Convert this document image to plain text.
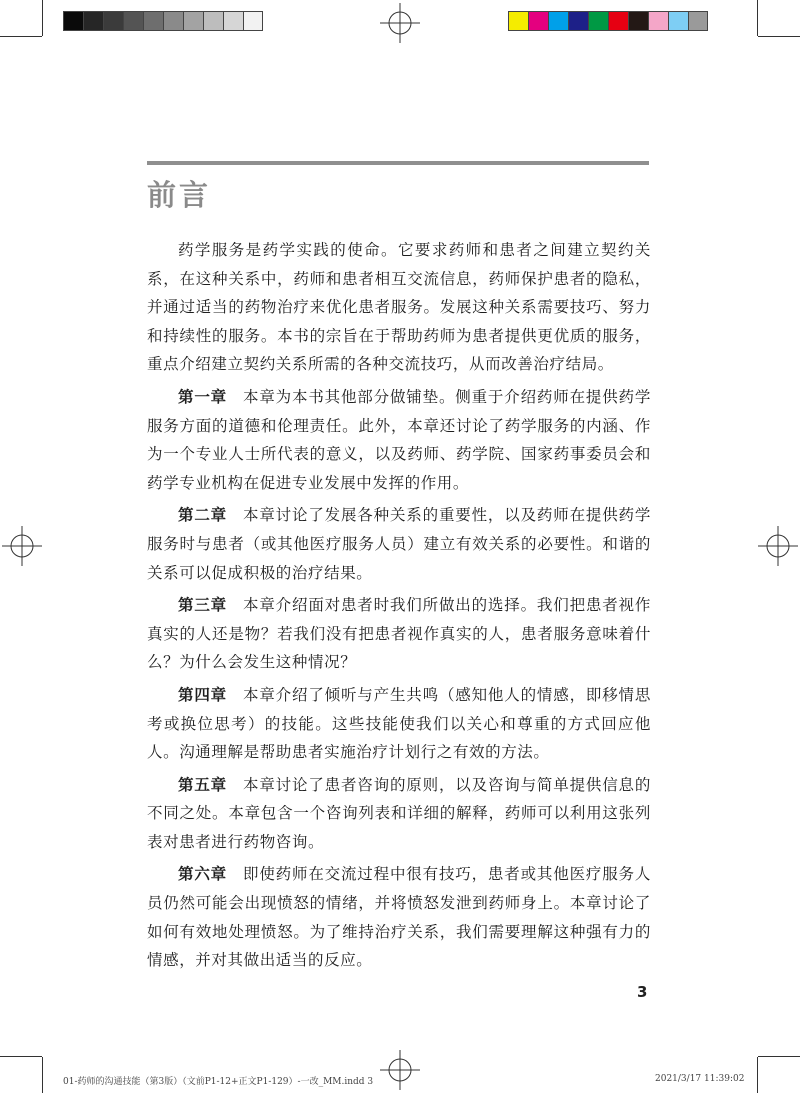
前言

药学服务是药学实践的使命。它要求药师和患者之间建立契约关系，在这种关系中，药师和患者相互交流信息，药师保护患者的隐私，并通过适当的药物治疗来优化患者服务。发展这种关系需要技巧、努力和持续性的服务。本书的宗旨在于帮助药师为患者提供更优质的服务，重点介绍建立契约关系所需的各种交流技巧，从而改善治疗结局。

第一章 本章为本书其他部分做铺垫。侧重于介绍药师在提供药学服务方面的道德和伦理责任。此外，本章还讨论了药学服务的内涵、作为一个专业人士所代表的意义，以及药师、药学院、国家药事委员会和药学专业机构在促进专业发展中发挥的作用。

第二章 本章讨论了发展各种关系的重要性，以及药师在提供药学服务时与患者（或其他医疗服务人员）建立有效关系的必要性。和谐的关系可以促成积极的治疗结果。

第三章 本章介绍面对患者时我们所做出的选择。我们把患者视作真实的人还是物？若我们没有把患者视作真实的人，患者服务意味着什么？为什么会发生这种情况？

第四章 本章介绍了倾听与产生共鸣（感知他人的情感，即移情思考或换位思考）的技能。这些技能使我们以关心和尊重的方式回应他人。沟通理解是帮助患者实施治疗计划行之有效的方法。

第五章 本章讨论了患者咨询的原则，以及咨询与简单提供信息的不同之处。本章包含一个咨询列表和详细的解释，药师可以利用这张列表对患者进行药物咨询。

第六章 即使药师在交流过程中很有技巧，患者或其他医疗服务人员仍然可能会出现愤怒的情绪，并将愤怒发泄到药师身上。本章讨论了如何有效地处理愤怒。为了维持治疗关系，我们需要理解这种强有力的情感，并对其做出适当的反应。

3
01-药师的沟通技能（第3版）（文前P1-12+正文P1-129）-一改_MM.indd 3	2021/3/17 11:39:02
